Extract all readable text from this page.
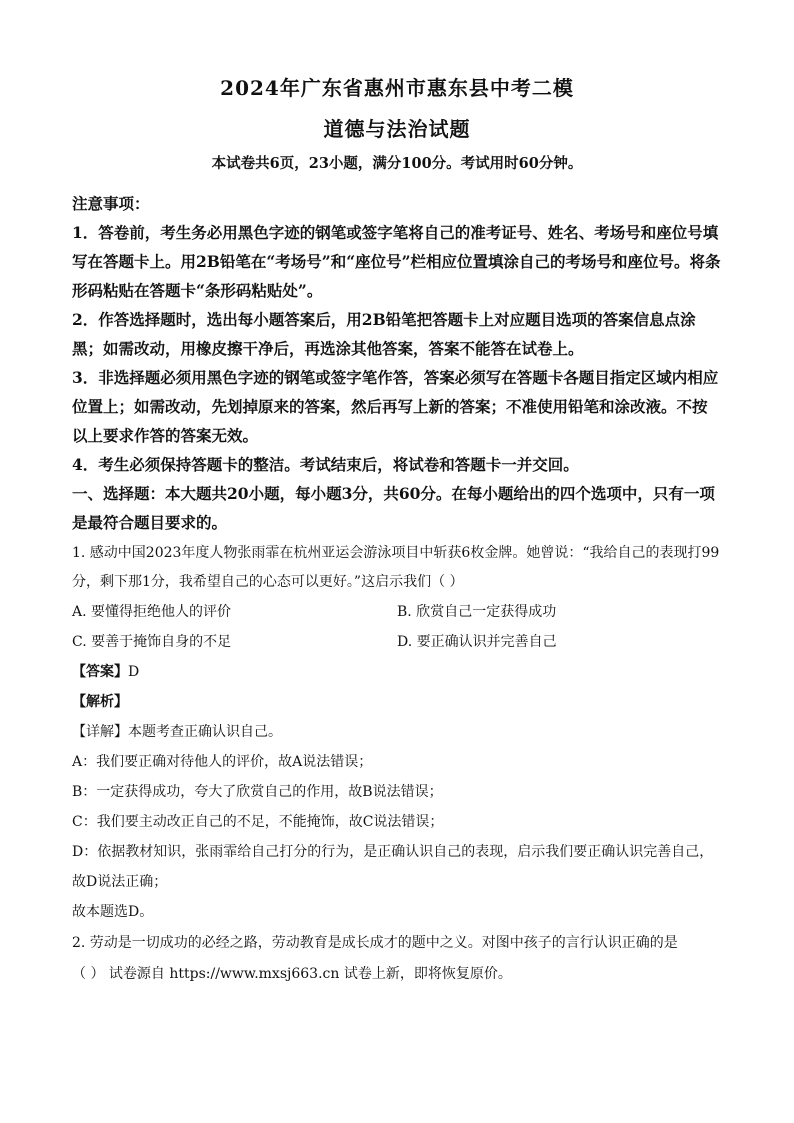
2024年广东省惠州市惠东县中考二模
道德与法治试题
本试卷共6页，23小题，满分100分。考试用时60分钟。
注意事项：
1．答卷前，考生务必用黑色字迹的钢笔或签字笔将自己的准考证号、姓名、考场号和座位号填写在答题卡上。用2B铅笔在“考场号”和“座位号”栏相应位置填涂自己的考场号和座位号。将条形码粘贴在答题卡“条形码粘贴处”。
2．作答选择题时，选出每小题答案后，用2B铅笔把答题卡上对应题目选项的答案信息点涂黑；如需改动，用橡皮擦干净后，再选涂其他答案，答案不能答在试卷上。
3．非选择题必须用黑色字迹的钢笔或签字笔作答，答案必须写在答题卡各题目指定区域内相应位置上；如需改动，先划掉原来的答案，然后再写上新的答案；不准使用铅笔和涂改液。不按以上要求作答的答案无效。
4．考生必须保持答题卡的整洁。考试结束后，将试卷和答题卡一并交回。
一、选择题：本大题共20小题，每小题3分，共60分。在每小题给出的四个选项中，只有一项是最符合题目要求的。
1. 感动中国2023年度人物张雨霏在杭州亚运会游泳项目中斩获6枚金牌。她曾说：“我给自己的表现打99分，剩下那1分，我希望自己的心态可以更好。”这启示我们（ ）
A. 要懂得拒绝他人的评价	B. 欣赏自己一定获得成功
C. 要善于掩饰自身的不足	D. 要正确认识并完善自己
【答案】D
【解析】
【详解】本题考查正确认识自己。
A：我们要正确对待他人的评价，故A说法错误；
B：一定获得成功，夸大了欣赏自己的作用，故B说法错误；
C：我们要主动改正自己的不足，不能掩饰，故C说法错误；
D：依据教材知识，张雨霏给自己打分的行为，是正确认识自己的表现，启示我们要正确认识完善自己，故D说法正确；
故本题选D。
2. 劳动是一切成功的必经之路，劳动教育是成长成才的题中之义。对图中孩子的言行认识正确的是
（ ） 试卷源自 https://www.mxsj663.cn 试卷上新，即将恢复原价。
